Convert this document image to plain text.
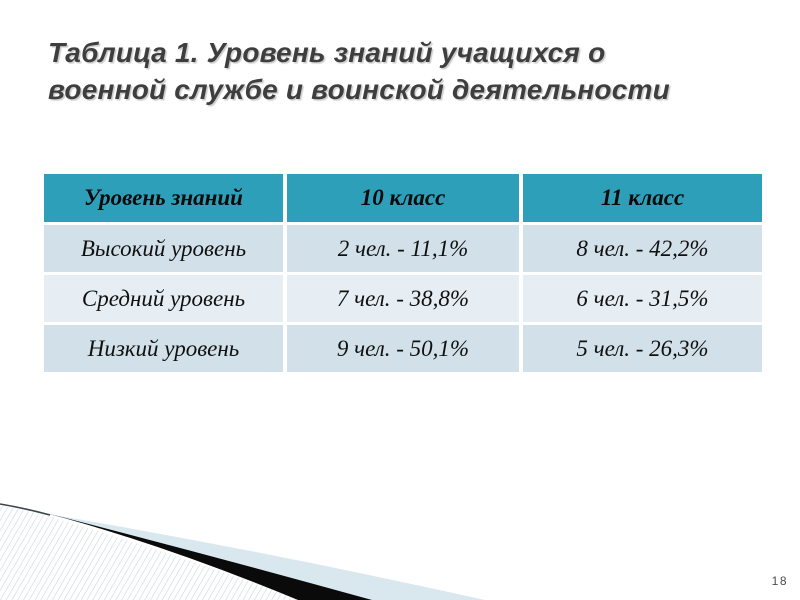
Таблица 1. Уровень знаний учащихся о
военной службе и воинской деятельности
Уровень знаний	10 класс	11 класс
Высокий уровень	2 чел. - 11,1%	8 чел. - 42,2%
Средний уровень	7 чел. - 38,8%	6 чел. - 31,5%
Низкий уровень	9 чел. - 50,1%	5 чел. - 26,3%
18
